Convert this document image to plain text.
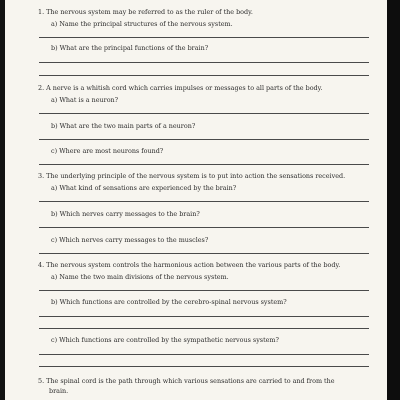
1. The nervous system may be referred to as the ruler of the body.
a) Name the principal structures of the nervous system.
b) What are the principal functions of the brain?
2. A nerve is a whitish cord which carries impulses or messages to all parts of the body.
a) What is a neuron?
b) What are the two main parts of a neuron?
c) Where are most neurons found?
3. The underlying principle of the nervous system is to put into action the sensations received.
a) What kind of sensations are experienced by the brain?
b) Which nerves carry messages to the brain?
c) Which nerves carry messages to the muscles?
4. The nervous system controls the harmonious action between the various parts of the body.
a) Name the two main divisions of the nervous system.
b) Which functions are controlled by the cerebro-spinal nervous system?
c) Which functions are controlled by the sympathetic nervous system?
5. The spinal cord is the path through which various sensations are carried to and from the
brain.
